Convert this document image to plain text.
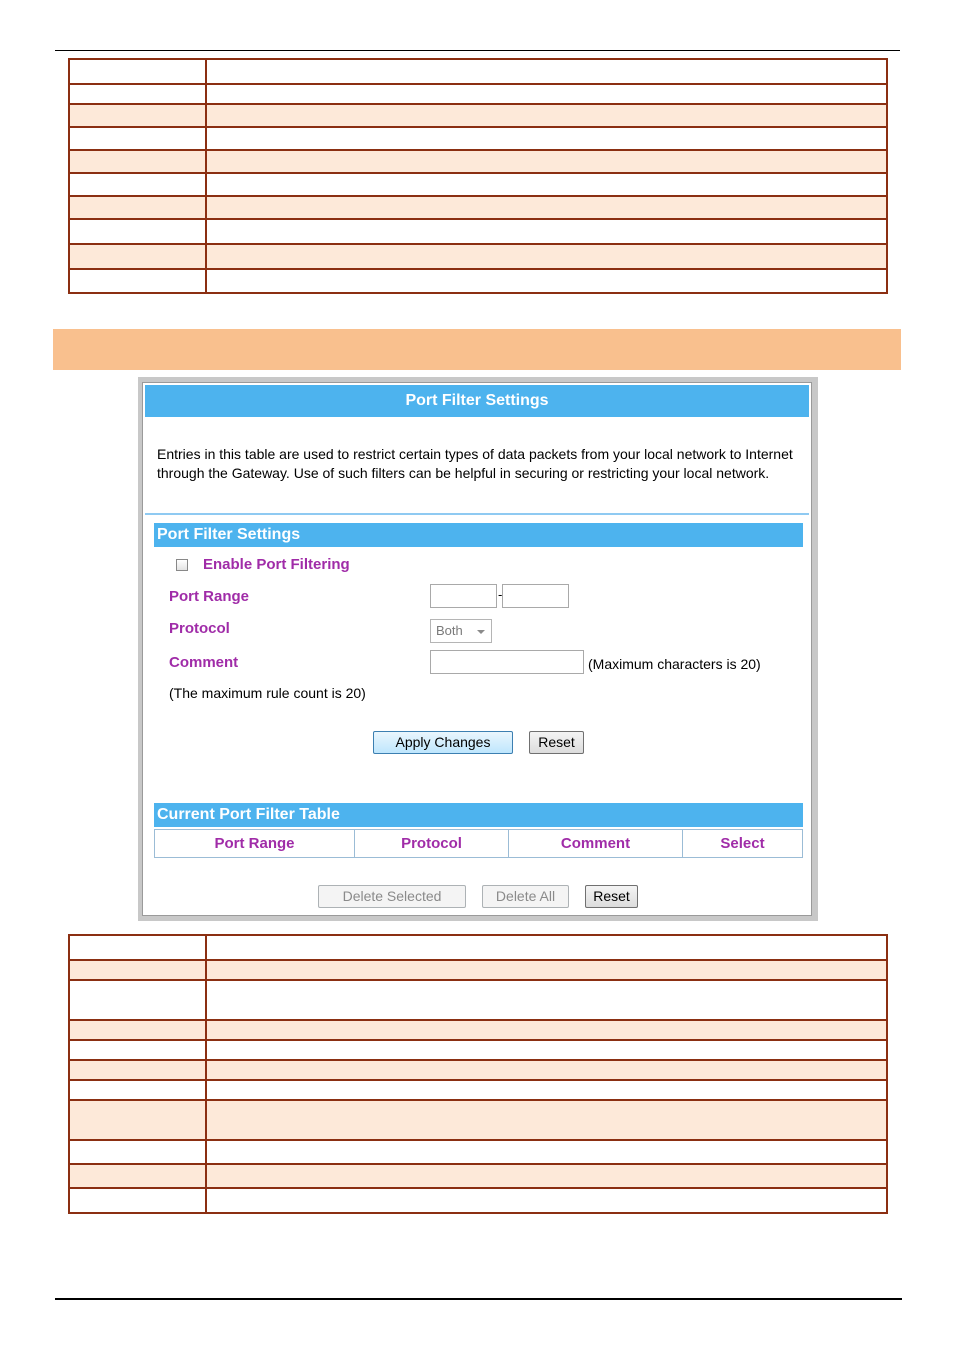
Port Filter Settings
Entries in this table are used to restrict certain types of data packets from your local network to Internet through the Gateway. Use of such filters can be helpful in securing or restricting your local network.
Port Filter Settings
Enable Port Filtering
Port Range	-
Protocol	Both
Comment	(Maximum characters is 20)
(The maximum rule count is 20)
Apply Changes	Reset
Current Port Filter Table
Port Range	Protocol	Comment	Select
Delete Selected	Delete All	Reset
